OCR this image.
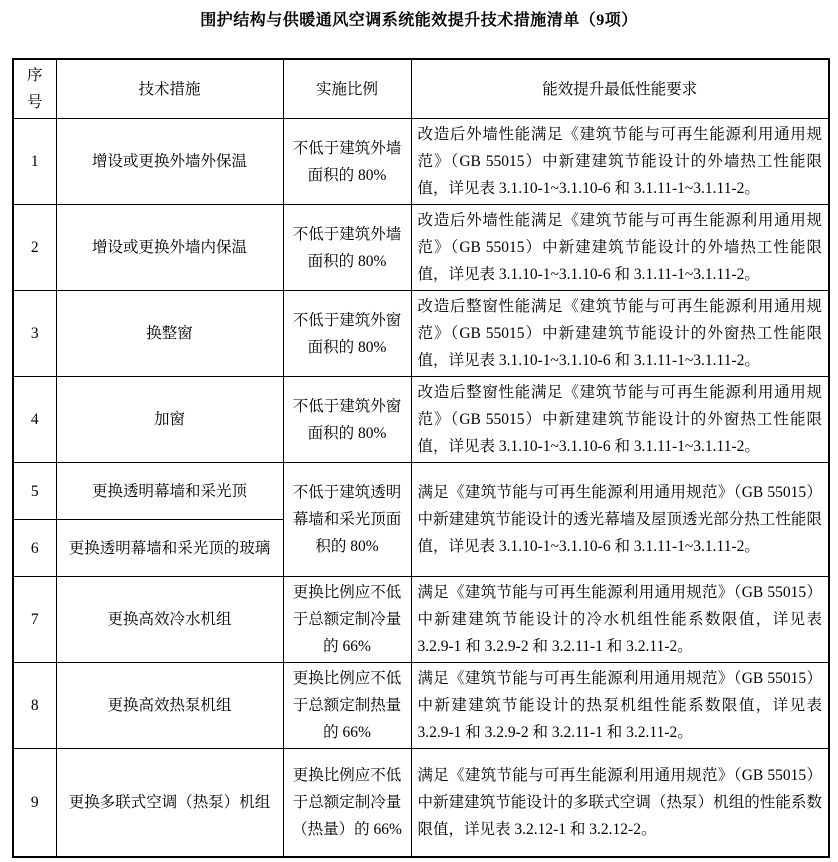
围护结构与供暖通风空调系统能效提升技术措施清单（9项）
序号	技术措施	实施比例	能效提升最低性能要求
1	增设或更换外墙外保温	不低于建筑外墙面积的 80%	改造后外墙性能满足《建筑节能与可再生能源利用通用规范》（GB 55015）中新建建筑节能设计的外墙热工性能限值，详见表 3.1.10-1~3.1.10-6 和 3.1.11-1~3.1.11-2。
2	增设或更换外墙内保温	不低于建筑外墙面积的 80%	改造后外墙性能满足《建筑节能与可再生能源利用通用规范》（GB 55015）中新建建筑节能设计的外墙热工性能限值，详见表 3.1.10-1~3.1.10-6 和 3.1.11-1~3.1.11-2。
3	换整窗	不低于建筑外窗面积的 80%	改造后整窗性能满足《建筑节能与可再生能源利用通用规范》（GB 55015）中新建建筑节能设计的外窗热工性能限值，详见表 3.1.10-1~3.1.10-6 和 3.1.11-1~3.1.11-2。
4	加窗	不低于建筑外窗面积的 80%	改造后整窗性能满足《建筑节能与可再生能源利用通用规范》（GB 55015）中新建建筑节能设计的外窗热工性能限值，详见表 3.1.10-1~3.1.10-6 和 3.1.11-1~3.1.11-2。
5	更换透明幕墙和采光顶	不低于建筑透明幕墙和采光顶面积的 80%	满足《建筑节能与可再生能源利用通用规范》（GB 55015）中新建建筑节能设计的透光幕墙及屋顶透光部分热工性能限值，详见表 3.1.10-1~3.1.10-6 和 3.1.11-1~3.1.11-2。
6	更换透明幕墙和采光顶的玻璃		
7	更换高效冷水机组	更换比例应不低于总额定制冷量的 66%	满足《建筑节能与可再生能源利用通用规范》（GB 55015）中新建建筑节能设计的冷水机组性能系数限值，详见表 3.2.9-1 和 3.2.9-2 和 3.2.11-1 和 3.2.11-2。
8	更换高效热泵机组	更换比例应不低于总额定制热量的 66%	满足《建筑节能与可再生能源利用通用规范》（GB 55015）中新建建筑节能设计的热泵机组性能系数限值，详见表 3.2.9-1 和 3.2.9-2 和 3.2.11-1 和 3.2.11-2。
9	更换多联式空调（热泵）机组	更换比例应不低于总额定制冷量（热量）的 66%	满足《建筑节能与可再生能源利用通用规范》（GB 55015）中新建建筑节能设计的多联式空调（热泵）机组的性能系数限值，详见表 3.2.12-1 和 3.2.12-2。
